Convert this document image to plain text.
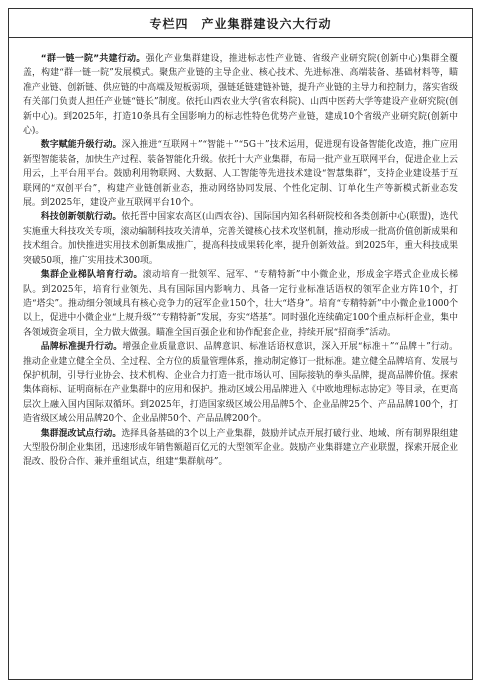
专栏四　产业集群建设六大行动

“群一链一院”共建行动。强化产业集群建设，推进标志性产业链、省级产业研究院(创新中心)集群全覆盖，构建“群一链一院”发展模式。聚焦产业链的主导企业、核心技术、先进标准、高端装备、基础材料等，瞄准产业链、创新链、供应链的中高端及短板弱项，强链延链建链补链，提升产业链的主导力和控制力，落实省级有关部门负责人担任产业链“链长”制度。依托山西农业大学(省农科院)、山西中医药大学等建设产业研究院(创新中心)。到2025年，打造10条具有全国影响力的标志性特色优势产业链，建成10个省级产业研究院(创新中心)。

数字赋能升级行动。深入推进“互联网＋”“智能＋”“5G＋”技术运用，促进现有设备智能化改造，推广应用新型智能装备，加快生产过程、装备智能化升级。依托十大产业集群，布局一批产业互联网平台，促进企业上云用云，上平台用平台。鼓励利用物联网、大数据、人工智能等先进技术建设“智慧集群”，支持企业建设基于互联网的“双创平台”，构建产业链创新业态，推动网络协同发展、个性化定制、订单化生产等新模式新业态发展。到2025年，建设产业互联网平台10个。

科技创新领航行动。依托晋中国家农高区(山西农谷)、国际国内知名科研院校和各类创新中心(联盟)，选代实施重大科技攻关专项，滚动编制科技攻关清单，完善关键核心技术攻坚机制，推动形成一批高价值创新成果和技术组合。加快推进实用技术创新集成推广，提高科技成果转化率，提升创新效益。到2025年，重大科技成果突破50项，推广实用技术300项。

集群企业梯队培育行动。滚动培育一批领军、冠军、“专精特新”中小微企业，形成金字塔式企业成长梯队。到2025年，培育行业领先、具有国际国内影响力、具备一定行业标准话语权的领军企业方阵10个，打造“塔尖”。推动细分领域具有核心竞争力的冠军企业150个，壮大“塔身”。培育“专精特新”中小微企业1000个以上，促进中小微企业“上规升级”“专精特新”发展，夯实“塔基”。同时强化连续确定100个重点标杆企业，集中各领域资金项目，全力做大做强。瞄准全国百强企业和协作配套企业，持续开展“招商季”活动。

品牌标准提升行动。增强企业质量意识、品牌意识、标准话语权意识，深入开展“标准＋”“品牌＋”行动。推动企业建立健全全员、全过程、全方位的质量管理体系，推动制定修订一批标准。建立健全品牌培育、发展与保护机制，引导行业协会、技术机构、企业合力打造一批市场认可、国际接轨的拳头品牌，提高品牌价值。探索集体商标、证明商标在产业集群中的应用和保护。推动区域公用品牌进入《中欧地理标志协定》等目录，在更高层次上融入国内国际双循环。到2025年，打造国家级区域公用品牌5个、企业品牌25个、产品品牌100个，打造省级区域公用品牌20个、企业品牌50个、产品品牌200个。

集群混改试点行动。选择具备基础的3个以上产业集群，鼓励并试点开展打破行业、地域、所有制界限组建大型股份制企业集团，迅速形成年销售额超百亿元的大型领军企业。鼓励产业集群建立产业联盟，探索开展企业混改、股份合作、兼并重组试点，组建“集群航母”。
